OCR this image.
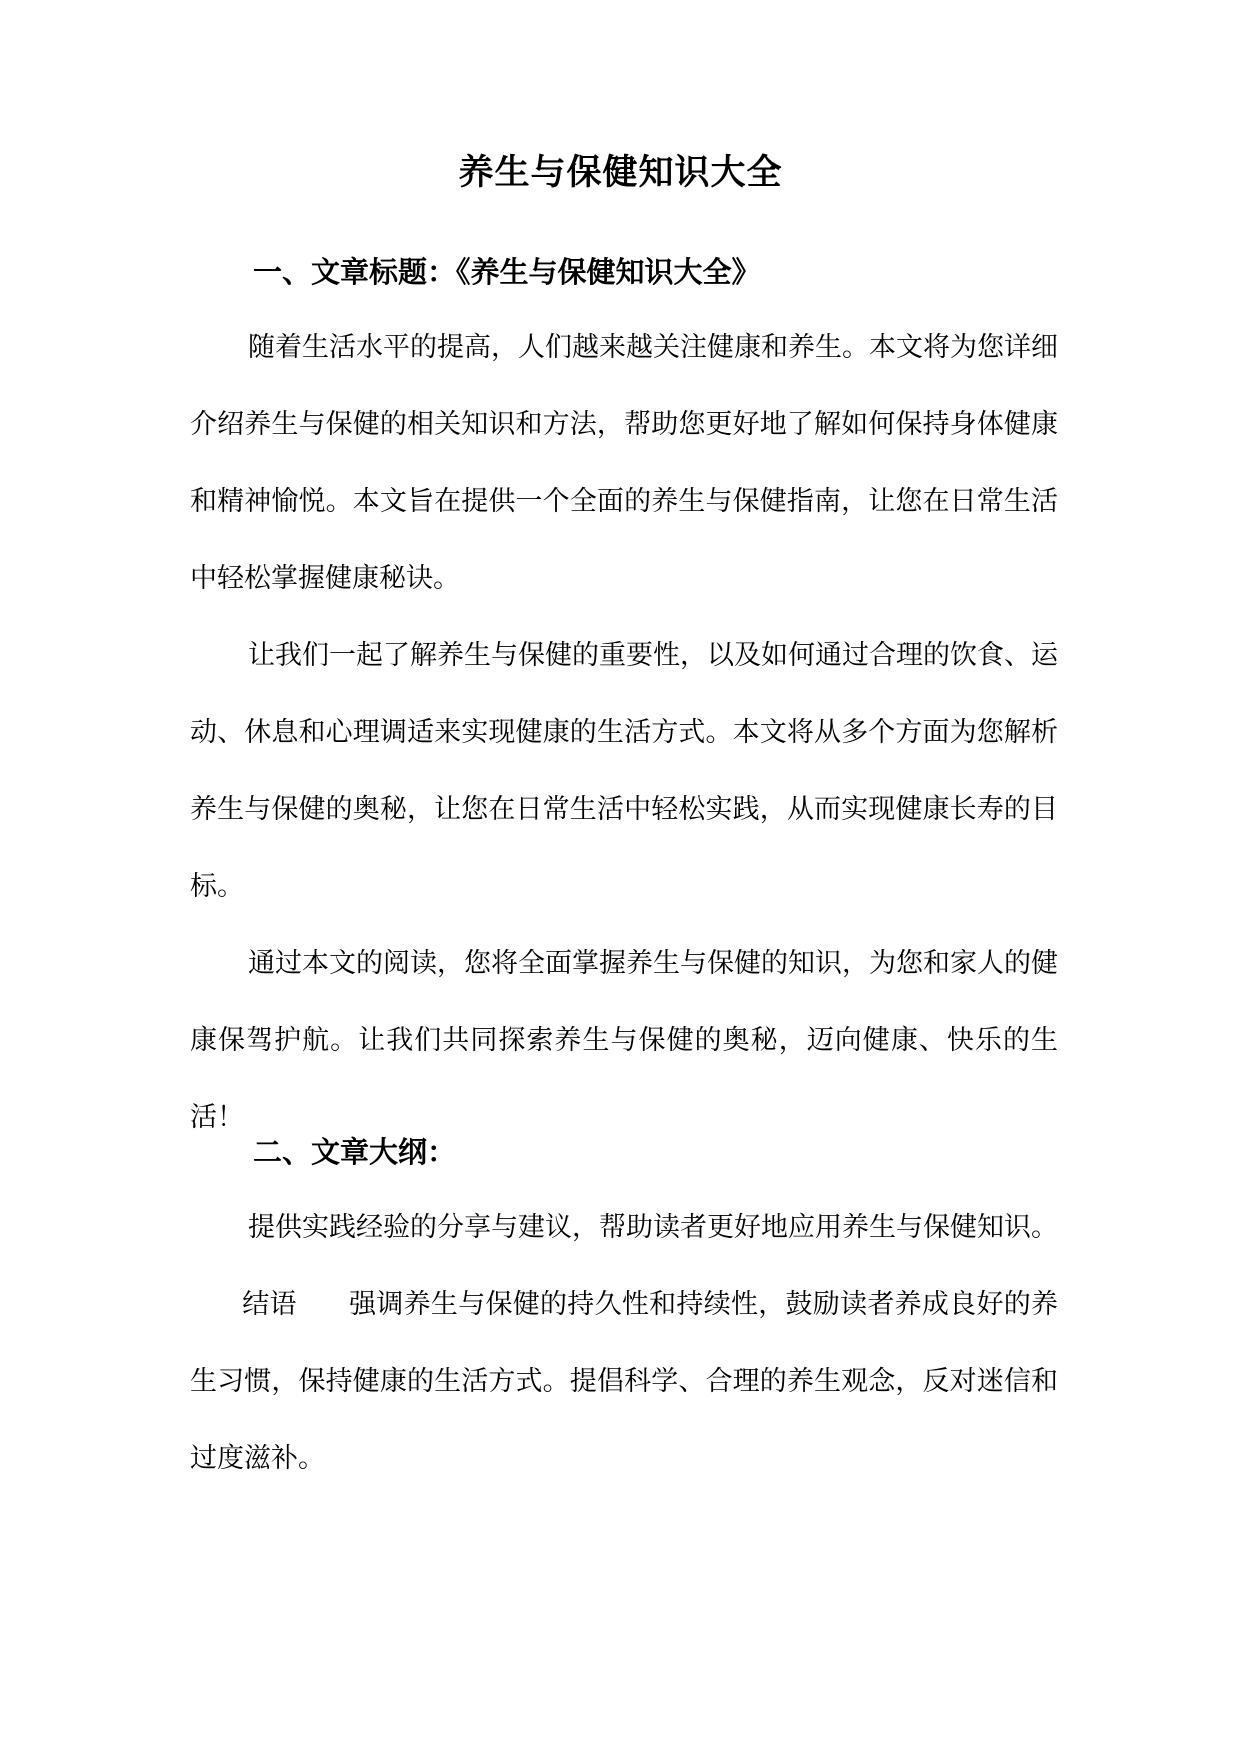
养生与保健知识大全
一、文章标题：《养生与保健知识大全》

随着生活水平的提高，人们越来越关注健康和养生。本文将为您详细介绍养生与保健的相关知识和方法，帮助您更好地了解如何保持身体健康和精神愉悦。本文旨在提供一个全面的养生与保健指南，让您在日常生活中轻松掌握健康秘诀。

让我们一起了解养生与保健的重要性，以及如何通过合理的饮食、运动、休息和心理调适来实现健康的生活方式。本文将从多个方面为您解析养生与保健的奥秘，让您在日常生活中轻松实践，从而实现健康长寿的目标。

通过本文的阅读，您将全面掌握养生与保健的知识，为您和家人的健康保驾护航。让我们共同探索养生与保健的奥秘，迈向健康、快乐的生活！

二、文章大纲：

提供实践经验的分享与建议，帮助读者更好地应用养生与保健知识。结语 强调养生与保健的持久性和持续性，鼓励读者养成良好的养生习惯，保持健康的生活方式。提倡科学、合理的养生观念，反对迷信和过度滋补。
